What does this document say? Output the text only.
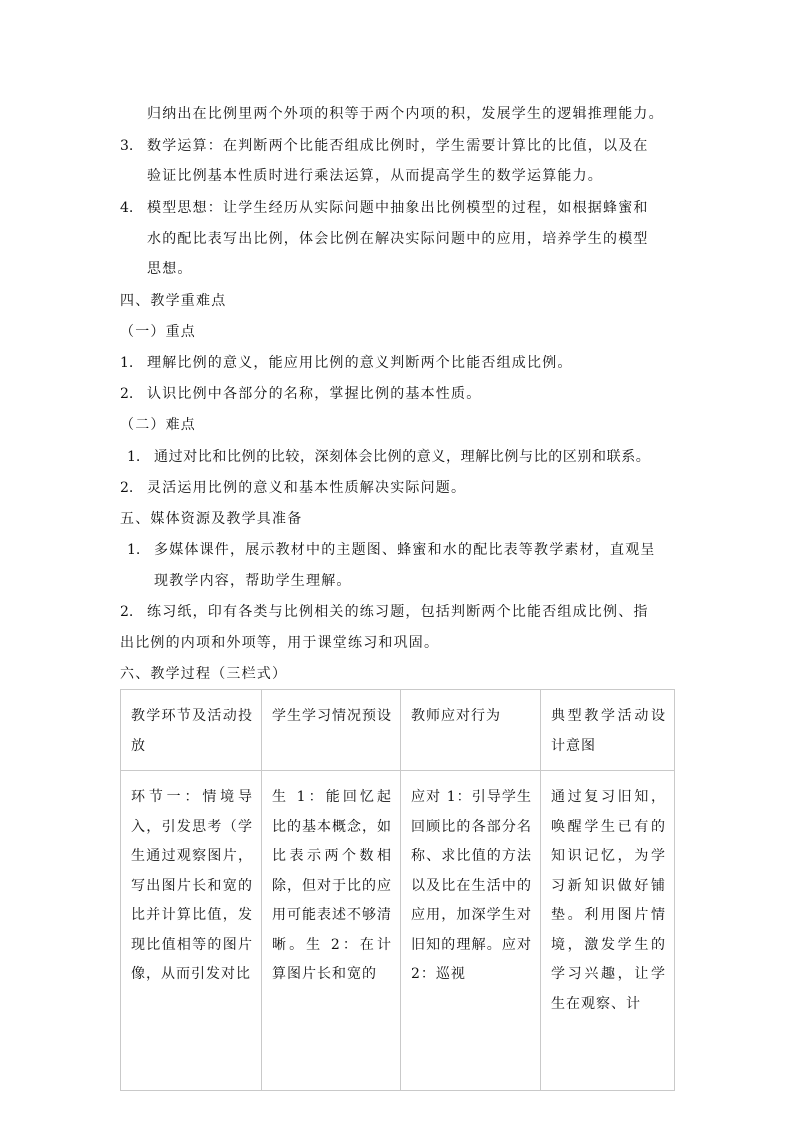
归纳出在比例里两个外项的积等于两个内项的积，发展学生的逻辑推理能力。
3. 数学运算：在判断两个比能否组成比例时，学生需要计算比的比值，以及在
验证比例基本性质时进行乘法运算，从而提高学生的数学运算能力。
4. 模型思想：让学生经历从实际问题中抽象出比例模型的过程，如根据蜂蜜和
水的配比表写出比例，体会比例在解决实际问题中的应用，培养学生的模型
思想。
四、教学重难点
（一）重点
1. 理解比例的意义，能应用比例的意义判断两个比能否组成比例。
2. 认识比例中各部分的名称，掌握比例的基本性质。
（二）难点
1. 通过对比和比例的比较，深刻体会比例的意义，理解比例与比的区别和联系。
2. 灵活运用比例的意义和基本性质解决实际问题。
五、媒体资源及教学具准备
1. 多媒体课件，展示教材中的主题图、蜂蜜和水的配比表等教学素材，直观呈
现教学内容，帮助学生理解。
2. 练习纸，印有各类与比例相关的练习题，包括判断两个比能否组成比例、指
出比例的内项和外项等，用于课堂练习和巩固。
六、教学过程（三栏式）
教学环节及活动投放	学生学习情况预设	教师应对行为	典型教学活动设计意图
环节一：情境导入，引发思考（学生通过观察图片，写出图片长和宽的比并计算比值，发现比值相等的图片像，从而引发对比	生 1：能回忆起比的基本概念，如比表示两个数相除，但对于比的应用可能表述不够清晰。生 2：在计算图片长和宽的	应对 1：引导学生回顾比的各部分名称、求比值的方法以及比在生活中的应用，加深学生对旧知的理解。应对 2：巡视	通过复习旧知，唤醒学生已有的知识记忆，为学习新知识做好铺垫。利用图片情境，激发学生的学习兴趣，让学生在观察、计
